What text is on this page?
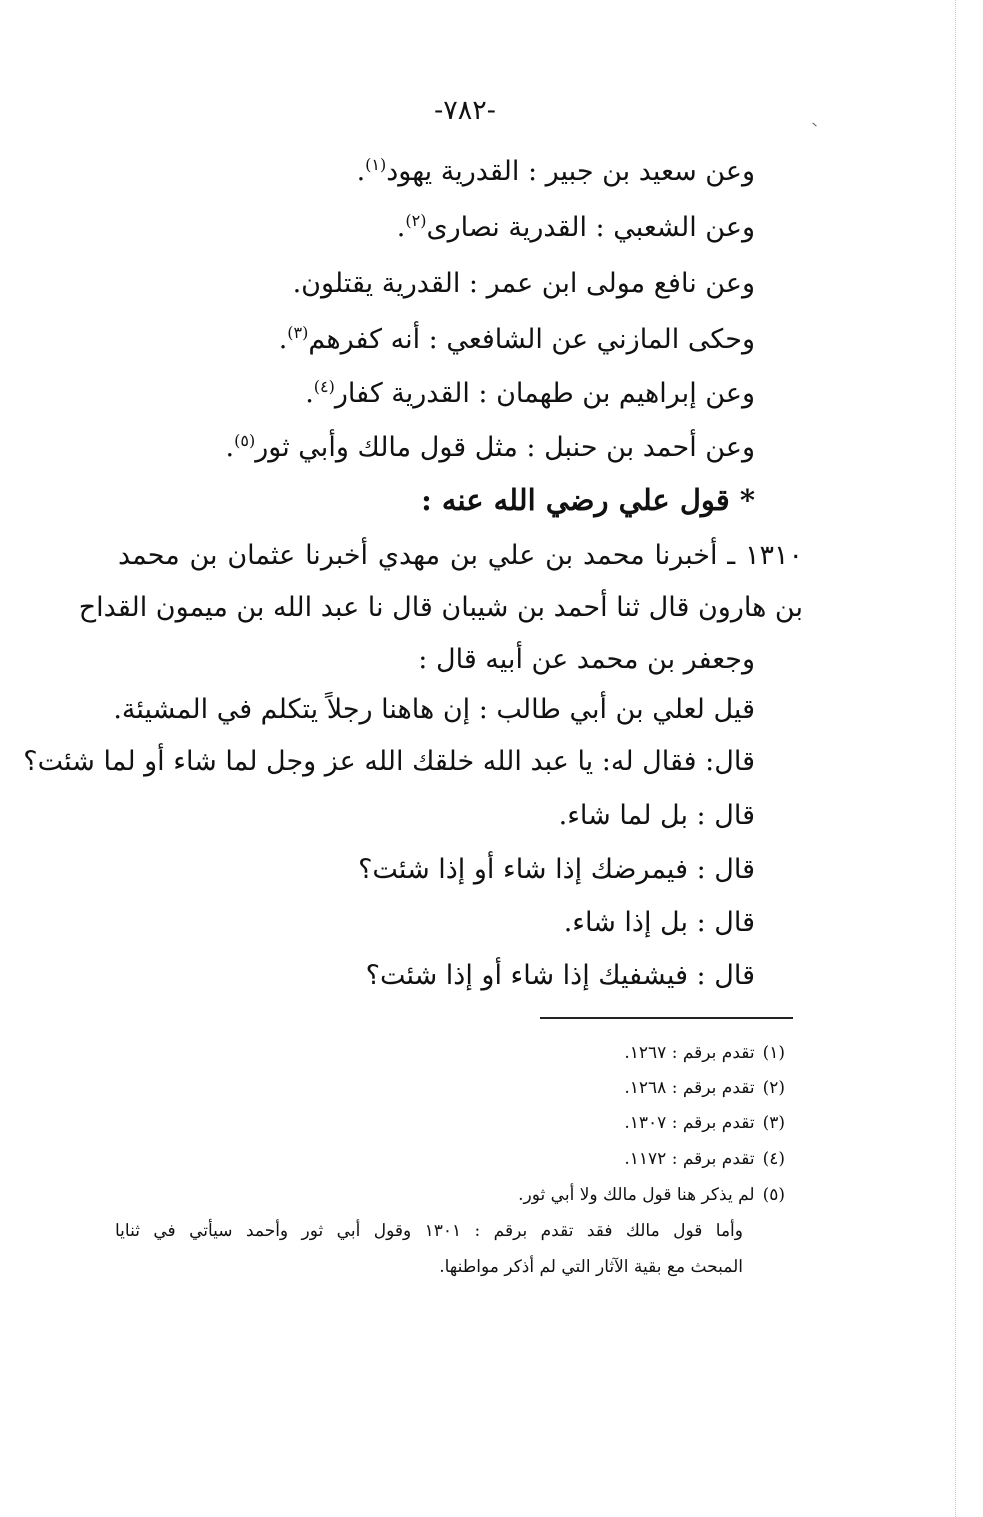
-٧٨٢-
وعن سعيد بن جبير : القدرية يهود$^{(١)}$.
وعن الشعبي : القدرية نصارى$^{(٢)}$.
وعن نافع مولى ابن عمر : القدرية يقتلون.
وحكى المازني عن الشافعي : أنه كفرهم$^{(٣)}$.
وعن إبراهيم بن طهمان : القدرية كفار$^{(٤)}$.
وعن أحمد بن حنبل : مثل قول مالك وأبي ثور$^{(٥)}$.
* قول علي رضي الله عنه :
١٣١٠ ـ أخبرنا محمد بن علي بن مهدي أخبرنا عثمان بن محمد
بن هارون قال ثنا أحمد بن شيبان قال نا عبد الله بن ميمون القداح
وجعفر بن محمد عن أبيه قال :
قيل لعلي بن أبي طالب : إن هاهنا رجلاً يتكلم في المشيئة.
قال: فقال له: يا عبد الله خلقك الله عز وجل لما شاء أو لما شئت؟
قال : بل لما شاء.
قال : فيمرضك إذا شاء أو إذا شئت؟
قال : بل إذا شاء.
قال : فيشفيك إذا شاء أو إذا شئت؟
(١)تقدم برقم : ١٢٦٧.
(٢)تقدم برقم : ١٢٦٨.
(٣)تقدم برقم : ١٣٠٧.
(٤)تقدم برقم : ١١٧٢.
(٥)لم يذكر هنا قول مالك ولا أبي ثور.
وأما قول مالك فقد تقدم برقم : ١٣٠١ وقول أبي ثور وأحمد سيأتي في ثنايا
المبحث مع بقية الآثار التي لم أذكر مواطنها.
